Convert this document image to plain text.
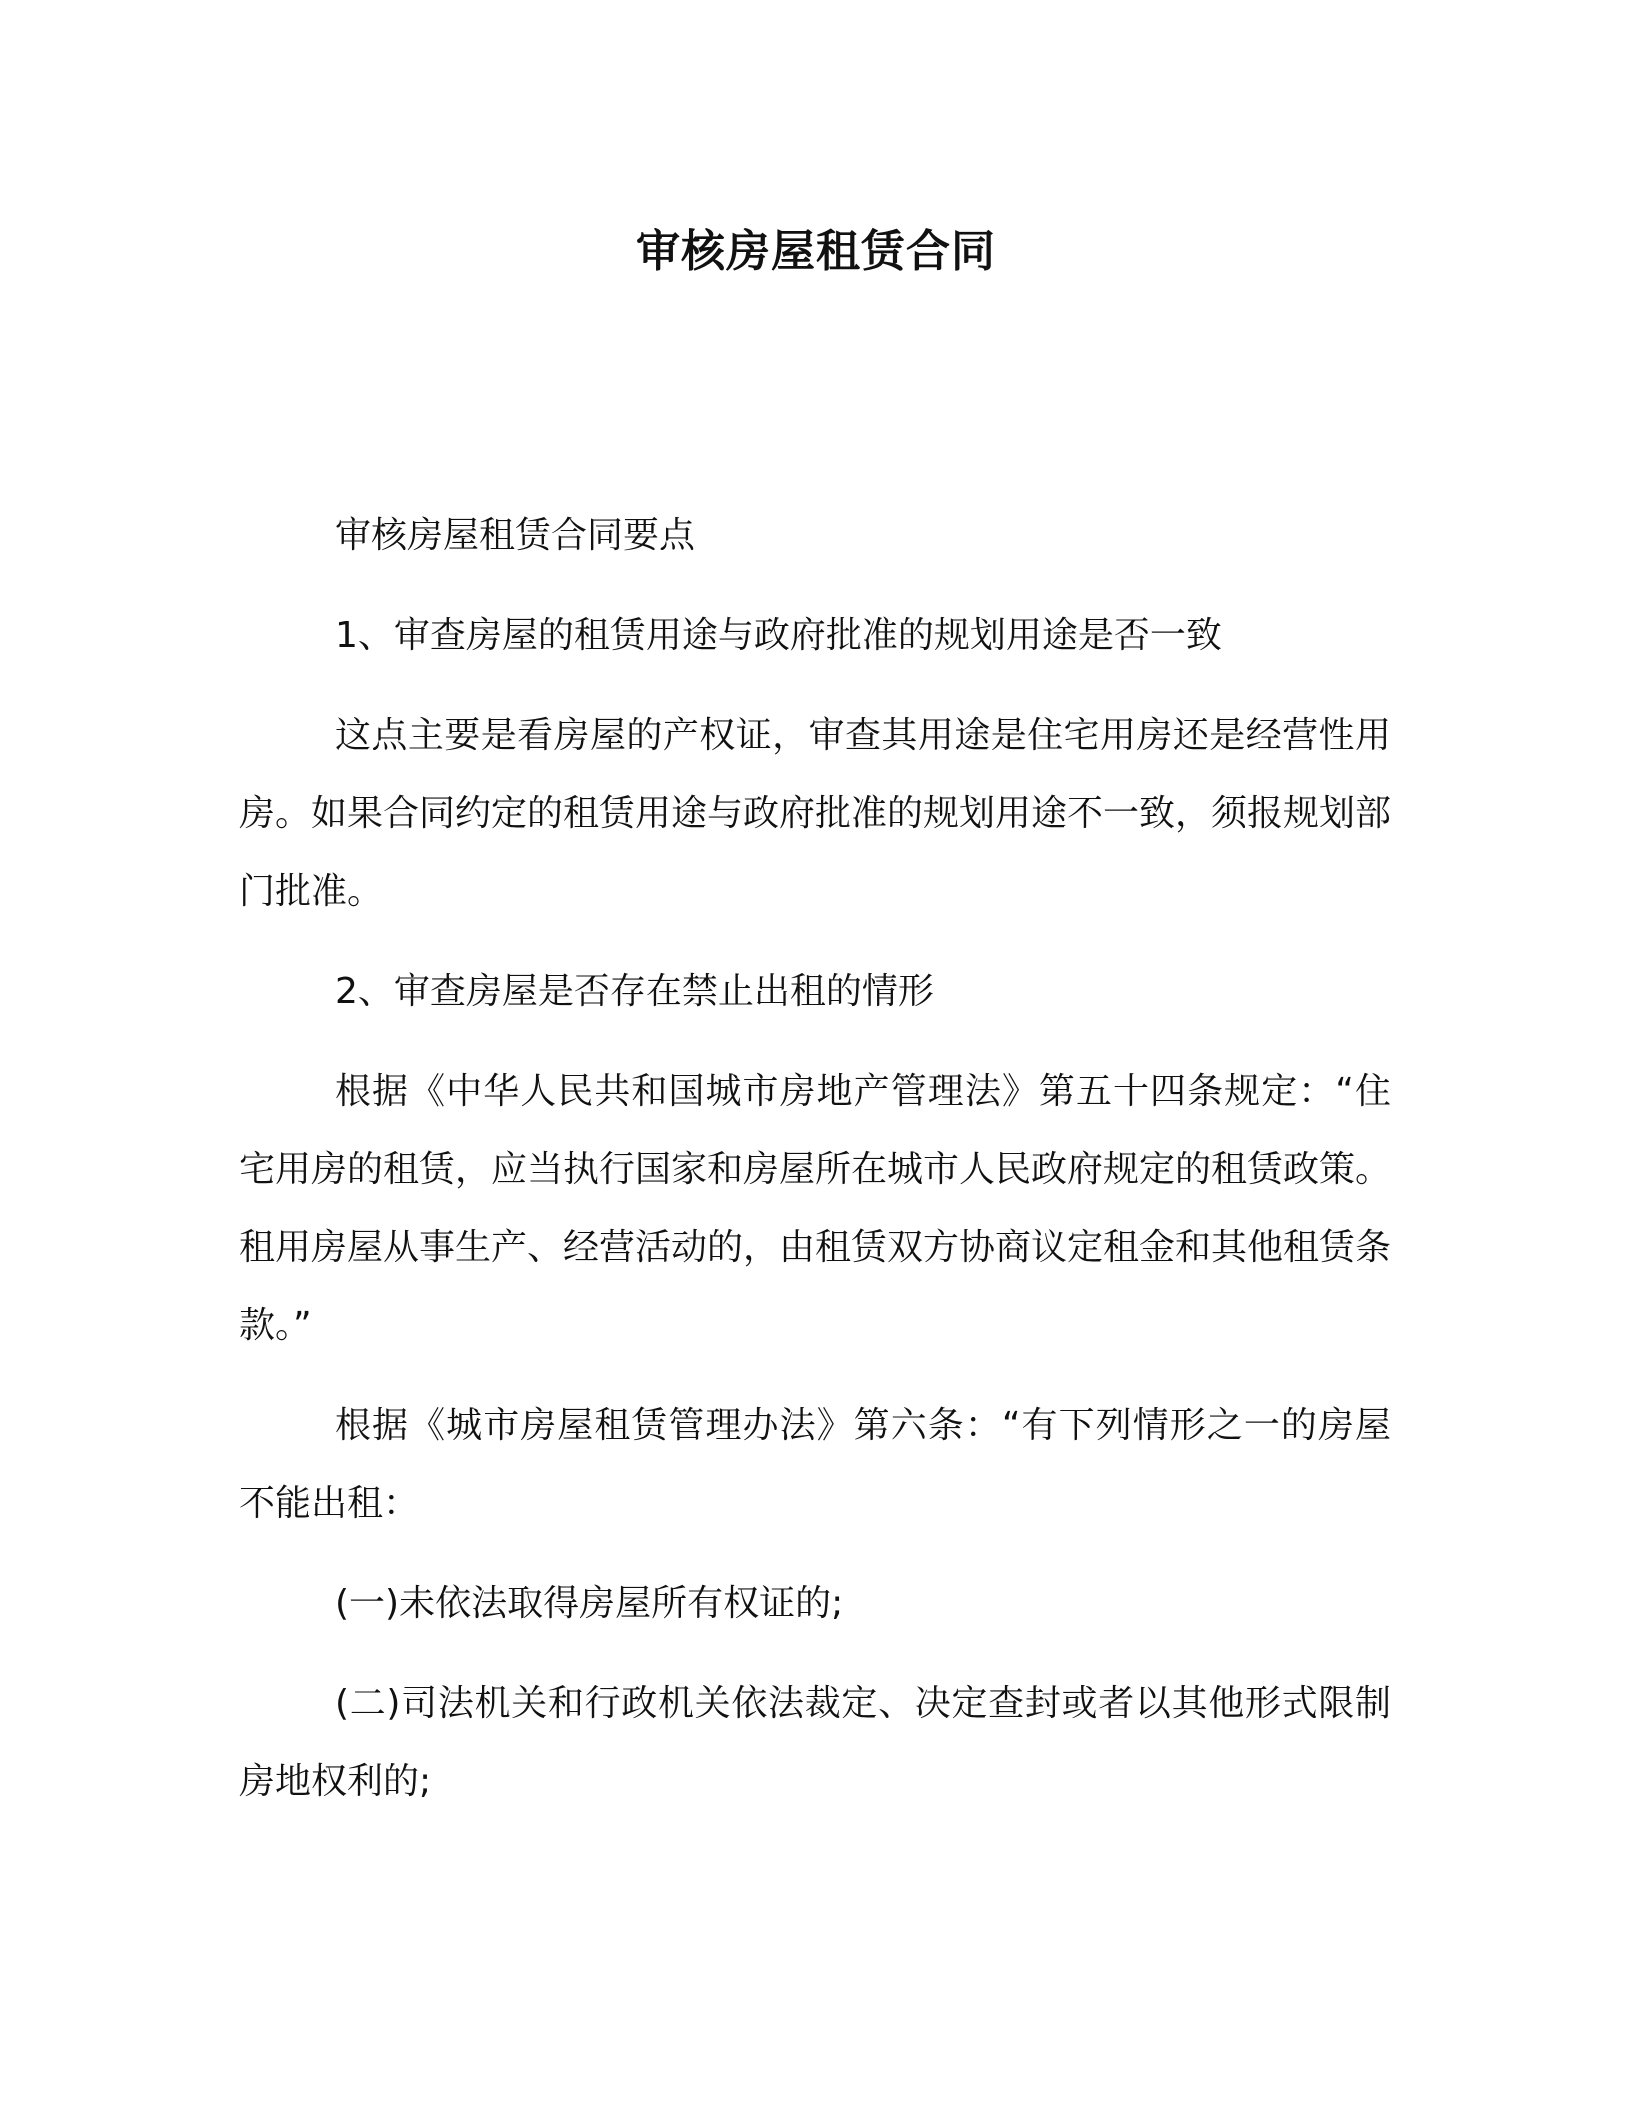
审核房屋租赁合同

审核房屋租赁合同要点

1、审查房屋的租赁用途与政府批准的规划用途是否一致

这点主要是看房屋的产权证，审查其用途是住宅用房还是经营性用房。如果合同约定的租赁用途与政府批准的规划用途不一致，须报规划部门批准。

2、审查房屋是否存在禁止出租的情形

根据《中华人民共和国城市房地产管理法》第五十四条规定：“住宅用房的租赁，应当执行国家和房屋所在城市人民政府规定的租赁政策。租用房屋从事生产、经营活动的，由租赁双方协商议定租金和其他租赁条款。”

根据《城市房屋租赁管理办法》第六条：“有下列情形之一的房屋不能出租：

(一)未依法取得房屋所有权证的;

(二)司法机关和行政机关依法裁定、决定查封或者以其他形式限制房地权利的;
